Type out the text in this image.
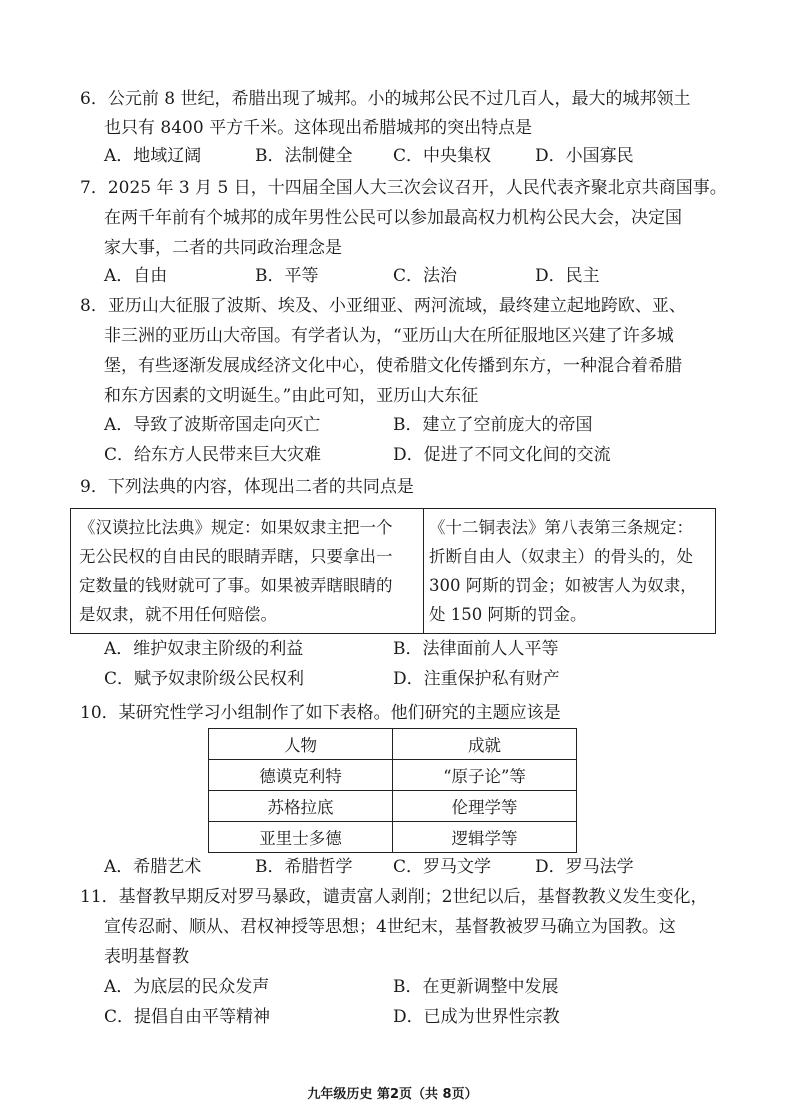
6．公元前 8 世纪，希腊出现了城邦。小的城邦公民不过几百人，最大的城邦领土
也只有 8400 平方千米。这体现出希腊城邦的突出特点是
A．地域辽阔	B．法制健全 C．中央集权	D．小国寡民
7．2025 年 3 月 5 日，十四届全国人大三次会议召开，人民代表齐聚北京共商国事。
在两千年前有个城邦的成年男性公民可以参加最高权力机构公民大会，决定国
家大事，二者的共同政治理念是
A．自由	B．平等	C．法治	D．民主
8．亚历山大征服了波斯、埃及、小亚细亚、两河流域，最终建立起地跨欧、亚、
非三洲的亚历山大帝国。有学者认为，“亚历山大在所征服地区兴建了许多城
堡，有些逐渐发展成经济文化中心，使希腊文化传播到东方，一种混合着希腊
和东方因素的文明诞生。”由此可知，亚历山大东征
A．导致了波斯帝国走向灭亡	B．建立了空前庞大的帝国
C．给东方人民带来巨大灾难	D．促进了不同文化间的交流
9．下列法典的内容，体现出二者的共同点是
《汉谟拉比法典》规定：如果奴隶主把一个
无公民权的自由民的眼睛弄瞎，只要拿出一
定数量的钱财就可了事。如果被弄瞎眼睛的
是奴隶，就不用任何赔偿。
《十二铜表法》第八表第三条规定：
折断自由人（奴隶主）的骨头的，处
300 阿斯的罚金；如被害人为奴隶，
处 150 阿斯的罚金。
A．维护奴隶主阶级的利益	B．法律面前人人平等
C．赋予奴隶阶级公民权利	D．注重保护私有财产
10．某研究性学习小组制作了如下表格。他们研究的主题应该是
人物	成就
德谟克利特	“原子论”等
苏格拉底	伦理学等
亚里士多德	逻辑学等
A．希腊艺术	B．希腊哲学 C．罗马文学	D．罗马法学
11．基督教早期反对罗马暴政，谴责富人剥削；2世纪以后，基督教教义发生变化，
宣传忍耐、顺从、君权神授等思想；4世纪末，基督教被罗马确立为国教。这
表明基督教
A．为底层的民众发声	B．在更新调整中发展
C．提倡自由平等精神	D．已成为世界性宗教
九年级历史 第2页（共 8页）
